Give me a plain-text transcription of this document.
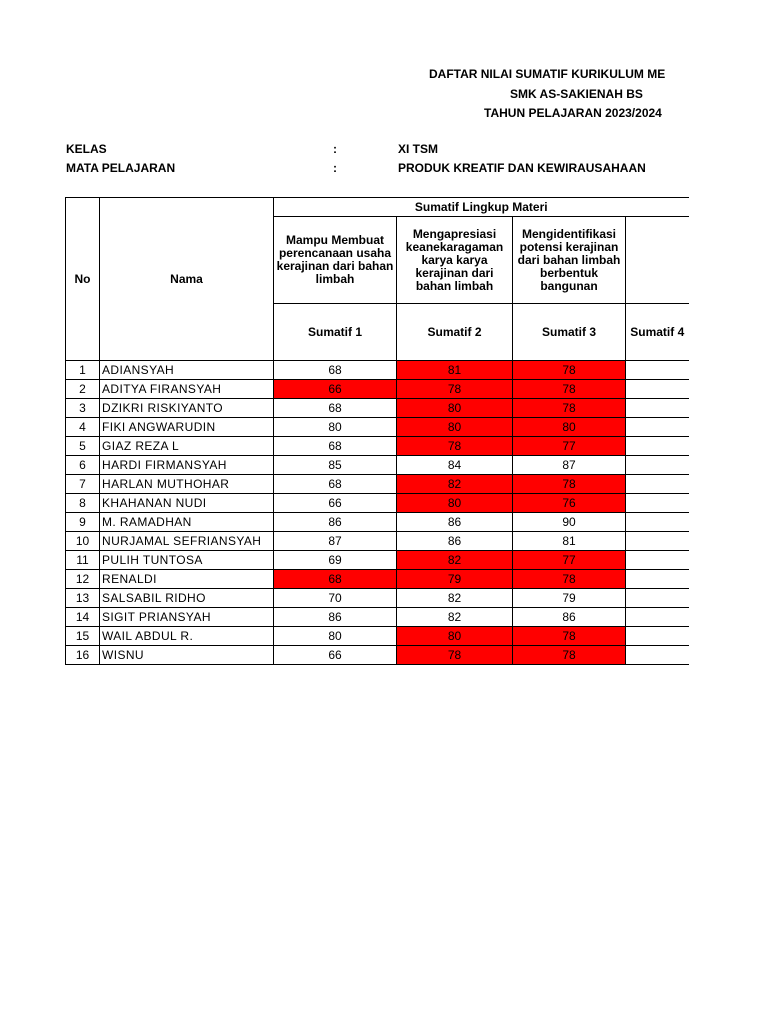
DAFTAR NILAI SUMATIF KURIKULUM ME
SMK AS-SAKIENAH BS
TAHUN PELAJARAN 2023/2024
KELAS	:	XI TSM
MATA PELAJARAN	:	PRODUK KREATIF DAN KEWIRAUSAHAAN
No	Nama	Sumatif Lingkup Materi			
		Mampu Membuat perencanaan usaha kerajinan dari bahan limbah	Mengapresiasi keanekaragaman karya karya kerajinan dari bahan limbah	Mengidentifikasi potensi kerajinan dari bahan limbah berbentuk bangunan	
		Sumatif 1	Sumatif 2	Sumatif 3	Sumatif 4
1	ADIANSYAH	68	81	78	
2	ADITYA FIRANSYAH	66	78	78	
3	DZIKRI RISKIYANTO	68	80	78	
4	FIKI ANGWARUDIN	80	80	80	
5	GIAZ REZA L	68	78	77	
6	HARDI FIRMANSYAH	85	84	87	
7	HARLAN MUTHOHAR	68	82	78	
8	KHAHANAN NUDI	66	80	76	
9	M. RAMADHAN	86	86	90	
10	NURJAMAL SEFRIANSYAH	87	86	81	
11	PULIH TUNTOSA	69	82	77	
12	RENALDI	68	79	78	
13	SALSABIL RIDHO	70	82	79	
14	SIGIT PRIANSYAH	86	82	86	
15	WAIL ABDUL R.	80	80	78	
16	WISNU	66	78	78	
